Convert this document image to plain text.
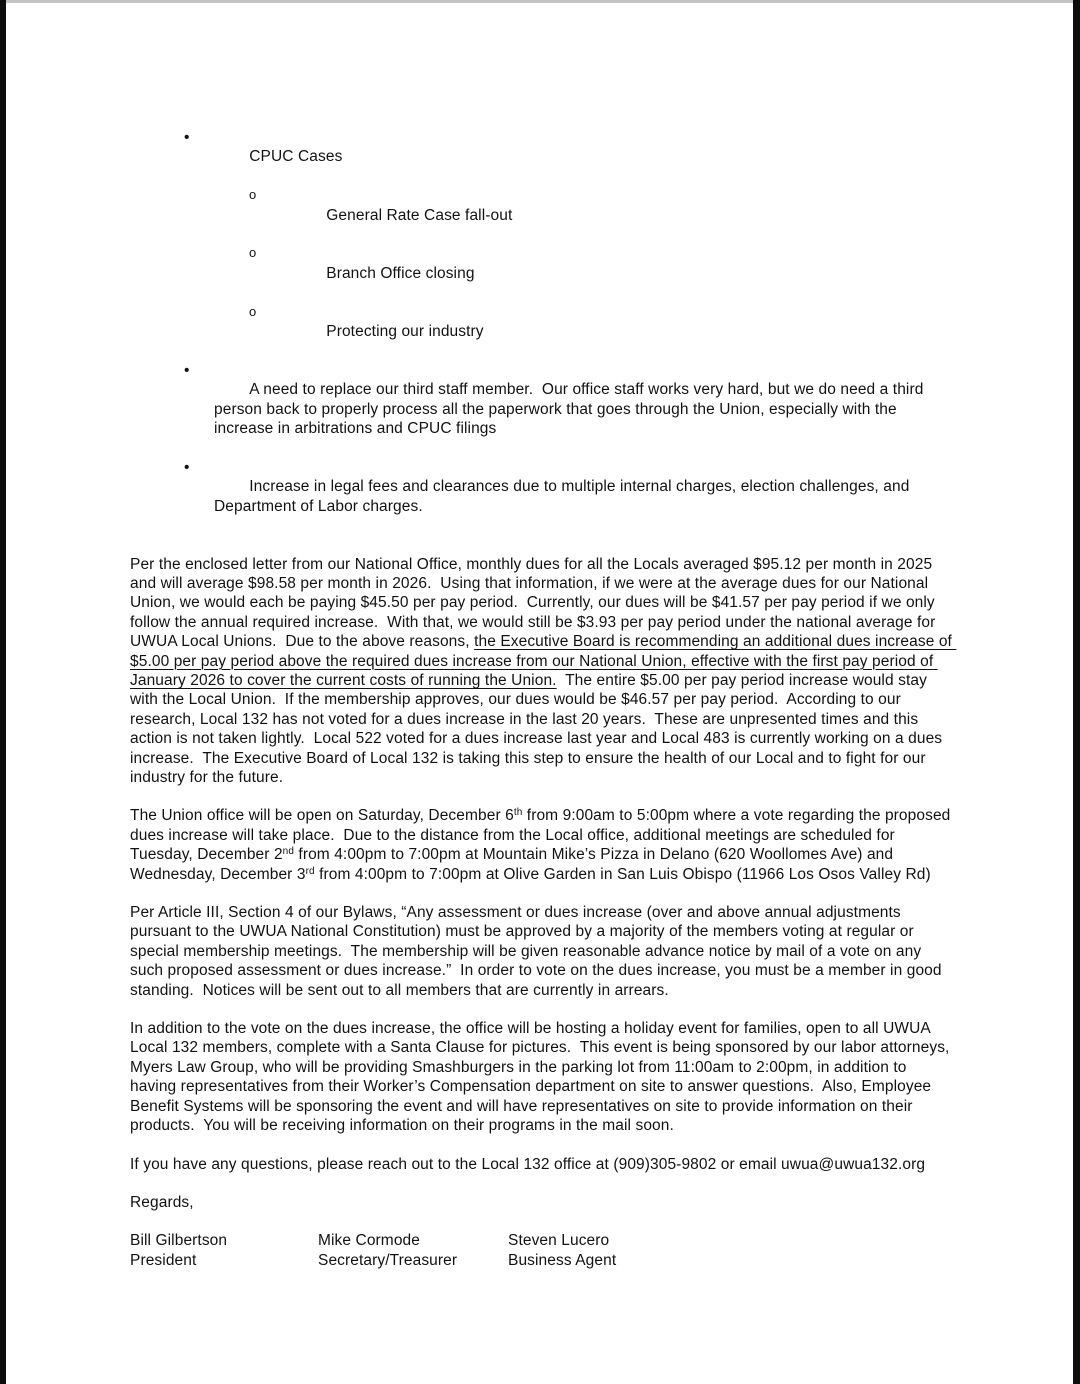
•
CPUC Cases

o
General Rate Case fall-out

o
Branch Office closing

o
Protecting our industry

•
A need to replace our third staff member.  Our office staff works very hard, but we do need a third person back to properly process all the paperwork that goes through the Union, especially with the increase in arbitrations and CPUC filings

•
Increase in legal fees and clearances due to multiple internal charges, election challenges, and Department of Labor charges.

Per the enclosed letter from our National Office, monthly dues for all the Locals averaged $95.12 per month in 2025 and will average $98.58 per month in 2026.  Using that information, if we were at the average dues for our National Union, we would each be paying $45.50 per pay period.  Currently, our dues will be $41.57 per pay period if we only follow the annual required increase.  With that, we would still be $3.93 per pay period under the national average for UWUA Local Unions.  Due to the above reasons, the Executive Board is recommending an additional dues increase of $5.00 per pay period above the required dues increase from our National Union, effective with the first pay period of January 2026 to cover the current costs of running the Union.  The entire $5.00 per pay period increase would stay with the Local Union.  If the membership approves, our dues would be $46.57 per pay period.  According to our research, Local 132 has not voted for a dues increase in the last 20 years.  These are unpresented times and this action is not taken lightly.  Local 522 voted for a dues increase last year and Local 483 is currently working on a dues increase.  The Executive Board of Local 132 is taking this step to ensure the health of our Local and to fight for our industry for the future.
The Union office will be open on Saturday, December 6th from 9:00am to 5:00pm where a vote regarding the proposed dues increase will take place.  Due to the distance from the Local office, additional meetings are scheduled for Tuesday, December 2nd from 4:00pm to 7:00pm at Mountain Mike’s Pizza in Delano (620 Woollomes Ave) and  Wednesday, December 3rd from 4:00pm to 7:00pm at Olive Garden in San Luis Obispo (11966 Los Osos Valley Rd)
Per Article III, Section 4 of our Bylaws, “Any assessment or dues increase (over and above annual adjustments pursuant to the UWUA National Constitution) must be approved by a majority of the members voting at regular or special membership meetings.  The membership will be given reasonable advance notice by mail of a vote on any such proposed assessment or dues increase.”  In order to vote on the dues increase, you must be a member in good standing.  Notices will be sent out to all members that are currently in arrears.
In addition to the vote on the dues increase, the office will be hosting a holiday event for families, open to all UWUA Local 132 members, complete with a Santa Clause for pictures.  This event is being sponsored by our labor attorneys, Myers Law Group, who will be providing Smashburgers in the parking lot from 11:00am to 2:00pm, in addition to having representatives from their Worker’s Compensation department on site to answer questions.  Also, Employee Benefit Systems will be sponsoring the event and will have representatives on site to provide information on their products.  You will be receiving information on their programs in the mail soon.
If you have any questions, please reach out to the Local 132 office at (909)305-9802 or email uwua@uwua132.org
Regards,
Bill Gilbertson
President
Mike Cormode
Secretary/Treasurer
Steven Lucero
Business Agent
